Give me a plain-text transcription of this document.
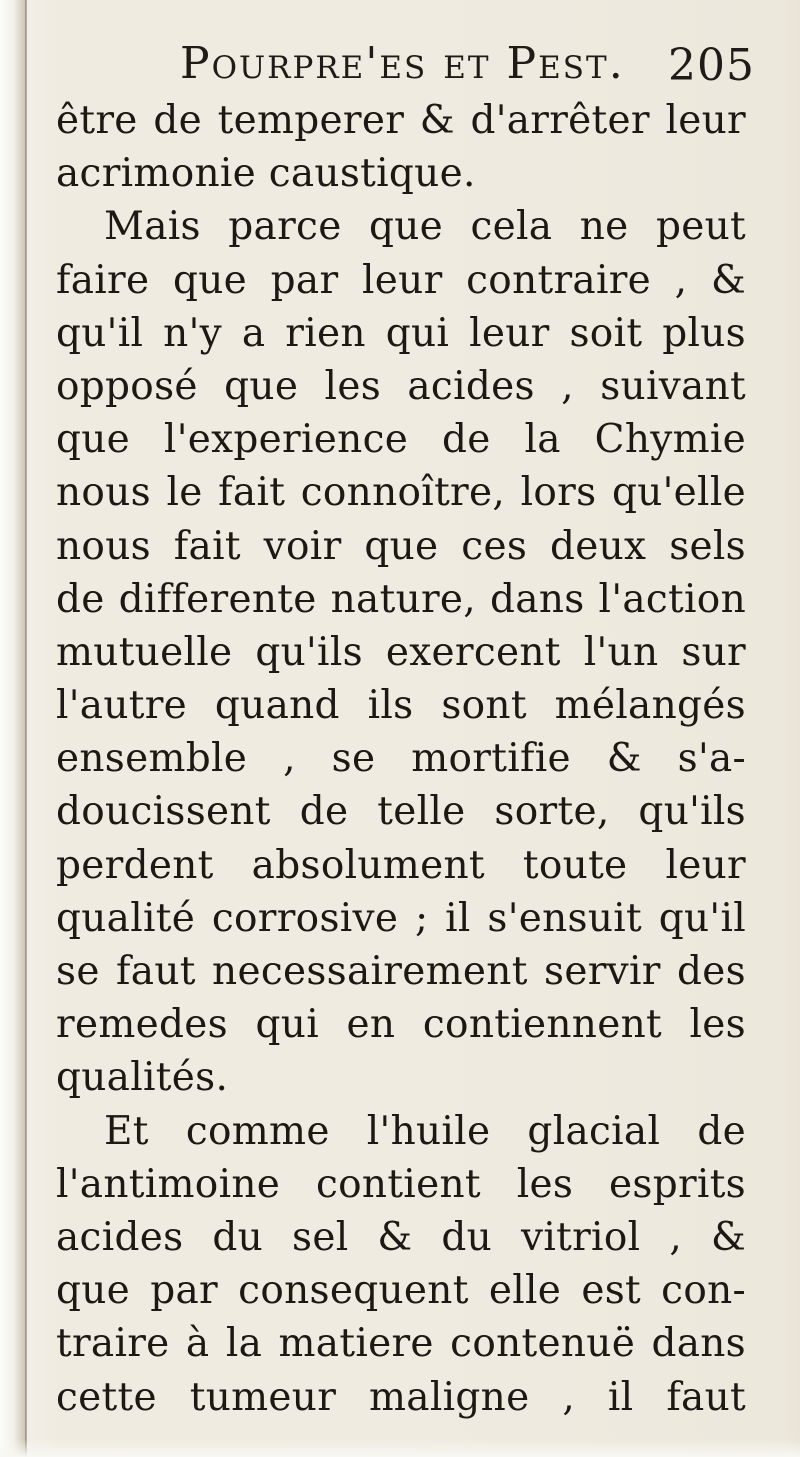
Pourpre'es et Pest. 205
être de temperer & d'arrêter leur
acrimonie caustique.
Mais parce que cela ne peut
faire que par leur contraire , &
qu'il n'y a rien qui leur soit plus
opposé que les acides , suivant
que l'experience de la Chymie
nous le fait connoître, lors qu'elle
nous fait voir que ces deux sels
de differente nature, dans l'action
mutuelle qu'ils exercent l'un sur
l'autre quand ils sont mélangés
ensemble , se mortifie & s'a-
doucissent de telle sorte, qu'ils
perdent absolument toute leur
qualité corrosive ; il s'ensuit qu'il
se faut necessairement servir des
remedes qui en contiennent les
qualités.
Et comme l'huile glacial de
l'antimoine contient les esprits
acides du sel & du vitriol , &
que par consequent elle est con-
traire à la matiere contenuë dans
cette tumeur maligne , il faut
